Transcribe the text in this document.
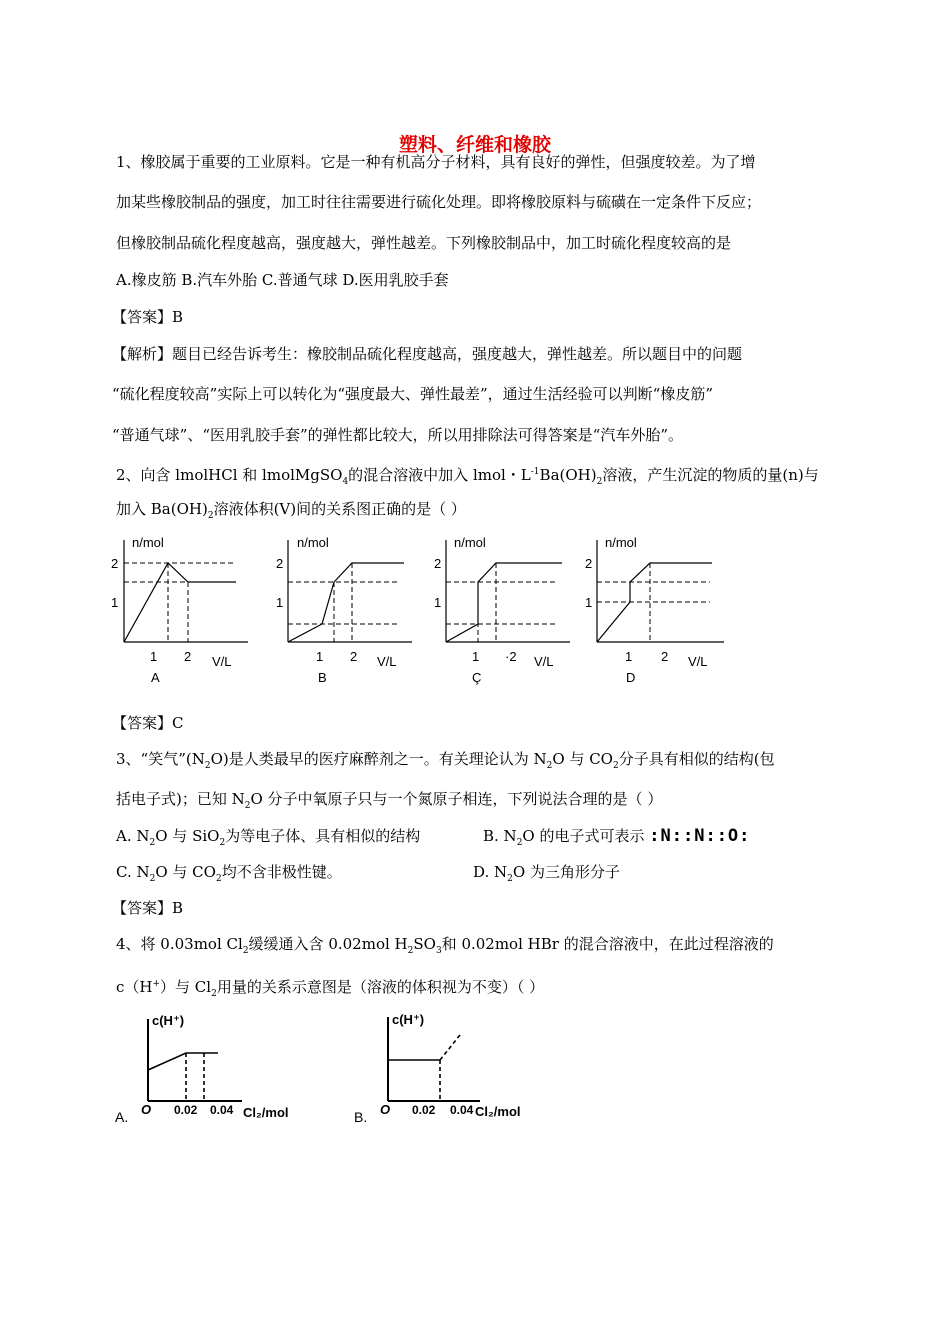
塑料、纤维和橡胶
1、橡胶属于重要的工业原料。它是一种有机高分子材料，具有良好的弹性，但强度较差。为了增
加某些橡胶制品的强度，加工时往往需要进行硫化处理。即将橡胶原料与硫磺在一定条件下反应；
但橡胶制品硫化程度越高，强度越大，弹性越差。下列橡胶制品中，加工时硫化程度较高的是
A.橡皮筋 B.汽车外胎 C.普通气球 D.医用乳胶手套
【答案】B
【解析】题目已经告诉考生：橡胶制品硫化程度越高，强度越大，弹性越差。所以题目中的问题
“硫化程度较高”实际上可以转化为“强度最大、弹性最差”，通过生活经验可以判断“橡皮筋”
“普通气球”、“医用乳胶手套”的弹性都比较大，所以用排除法可得答案是“汽车外胎”。
2、向含 lmolHCl 和 lmolMgSO$_4$的混合溶液中加入 lmol・$L^{-1}Ba(OH)_2$溶液，产生沉淀的物质的量(n)与
加入 $Ba(OH)_2$溶液体积(V)间的关系图正确的是（ ）
n/mol
2
1
1 2 V/L
A
n/mol
2
1
1 2 V/L
B
n/mol
2
1
1 ·2 V/L
Ç
n/mol
2
1
1 2 V/L
D
【答案】C
3、“笑气$”(N_2O)$是人类最早的医疗麻醉剂之一。有关理论认为 $N_2O$ 与 $CO_2$分子具有相似的结构(包
括电子式)；已知 $N_2O$ 分子中氧原子只与一个氮原子相连，下列说法合理的是（ ）
A. $N_2O$ 与 SiO$_2$为等电子体、具有相似的结构	B. $N_2O$ 的电子式可表示 :N::N::O:
C. $N_2O$ 与 $CO_2$均不含非极性键。	D. $N_2O$ 为三角形分子
【答案】B
4、将 0.03mol $Cl_2$缓缓通入含 0.02mol $H_2SO_3$和 0.02mol HBr 的混合溶液中，在此过程溶液的
c（H+）与 $Cl_2$用量的关系示意图是（溶液的体积视为不变）（ ）
c(H⁺)
O 0.02 0.04 Cl₂/mol
A.
c(H⁺)
O 0.02 0.04 Cl₂/mol
B.
